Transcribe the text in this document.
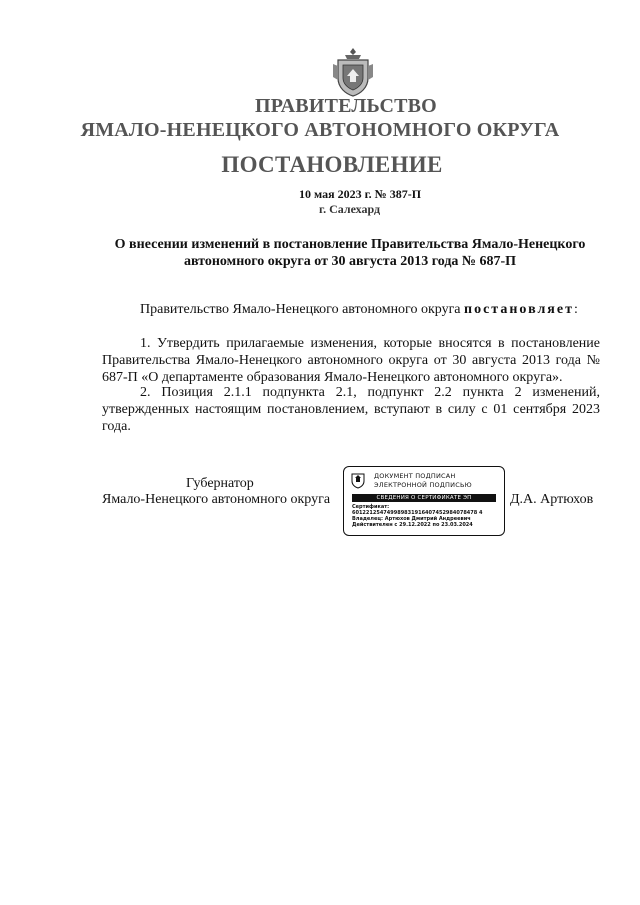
ПРАВИТЕЛЬСТВО
ЯМАЛО-НЕНЕЦКОГО АВТОНОМНОГО ОКРУГА
ПОСТАНОВЛЕНИЕ
10 мая 2023 г. № 387-П
г. Салехард
О внесении изменений в постановление Правительства Ямало-Ненецкого автономного округа от 30 августа 2013 года № 687-П
Правительство Ямало-Ненецкого автономного округа постановляет:
1. Утвердить прилагаемые изменения, которые вносятся в постановление Правительства Ямало-Ненецкого автономного округа от 30 августа 2013 года № 687-П «О департаменте образования Ямало-Ненецкого автономного округа».
2. Позиция 2.1.1 подпункта 2.1, подпункт 2.2 пункта 2 изменений, утвержденных настоящим постановлением, вступают в силу с 01 сентября 2023 года.
Губернатор
Ямало-Ненецкого автономного округа	Д.А. Артюхов
ДОКУМЕНТ ПОДПИСАН
ЭЛЕКТРОННОЙ ПОДПИСЬЮ
СВЕДЕНИЯ О СЕРТИФИКАТЕ ЭП
Сертификат:
601221254749989831916407452984078478 4
Владелец: Артюхов Дмитрий Андреевич
Действителен с 29.12.2022 по 23.03.2024
